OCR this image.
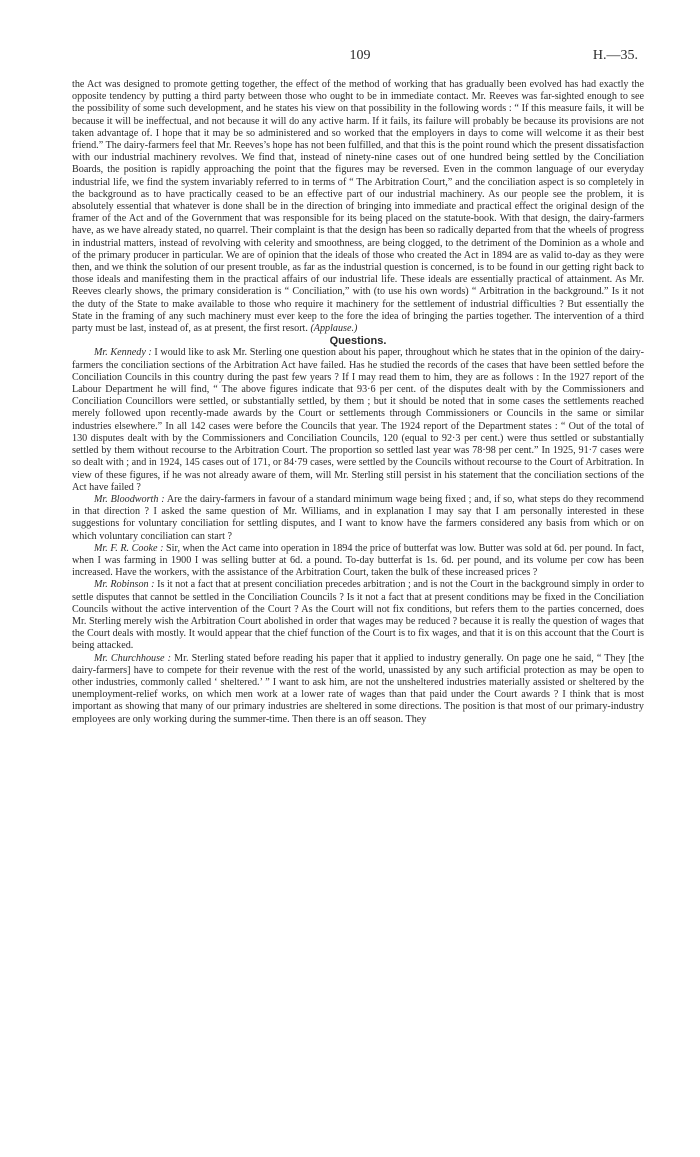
109	H.—35.

the Act was designed to promote getting together, the effect of the method of working that has gradually been evolved has had exactly the opposite tendency by putting a third party between those who ought to be in immediate contact. Mr. Reeves was far-sighted enough to see the possibility of some such development, and he states his view on that possibility in the following words : “ If this measure fails, it will be because it will be ineffectual, and not because it will do any active harm. If it fails, its failure will probably be because its provisions are not taken advantage of. I hope that it may be so administered and so worked that the employers in days to come will welcome it as their best friend.” The dairy-farmers feel that Mr. Reeves’s hope has not been fulfilled, and that this is the point round which the present dissatisfaction with our industrial machinery revolves. We find that, instead of ninety-nine cases out of one hundred being settled by the Conciliation Boards, the position is rapidly approaching the point that the figures may be reversed. Even in the common language of our everyday industrial life, we find the system invariably referred to in terms of “ The Arbitration Court,” and the conciliation aspect is so completely in the background as to have practically ceased to be an effective part of our industrial machinery. As our people see the problem, it is absolutely essential that whatever is done shall be in the direction of bringing into immediate and practical effect the original design of the framer of the Act and of the Government that was responsible for its being placed on the statute-book. With that design, the dairy-farmers have, as we have already stated, no quarrel. Their complaint is that the design has been so radically departed from that the wheels of progress in industrial matters, instead of revolving with celerity and smoothness, are being clogged, to the detriment of the Dominion as a whole and of the primary producer in particular. We are of opinion that the ideals of those who created the Act in 1894 are as valid to-day as they were then, and we think the solution of our present trouble, as far as the industrial question is concerned, is to be found in our getting right back to those ideals and manifesting them in the practical affairs of our industrial life. These ideals are essentially practical of attainment. As Mr. Reeves clearly shows, the primary consideration is “ Conciliation,” with (to use his own words) “ Arbitration in the background.” Is it not the duty of the State to make available to those who require it machinery for the settlement of industrial difficulties ? But essentially the State in the framing of any such machinery must ever keep to the fore the idea of bringing the parties together. The intervention of a third party must be last, instead of, as at present, the first resort. (Applause.)

Questions.

Mr. Kennedy : I would like to ask Mr. Sterling one question about his paper, throughout which he states that in the opinion of the dairy-farmers the conciliation sections of the Arbitration Act have failed. Has he studied the records of the cases that have been settled before the Conciliation Councils in this country during the past few years ? If I may read them to him, they are as follows : In the 1927 report of the Labour Department he will find, “ The above figures indicate that 93·6 per cent. of the disputes dealt with by the Commissioners and Conciliation Councillors were settled, or substantially settled, by them ; but it should be noted that in some cases the settlements reached merely followed upon recently-made awards by the Court or settlements through Commissioners or Councils in the same or similar industries elsewhere.” In all 142 cases were before the Councils that year. The 1924 report of the Department states : “ Out of the total of 130 disputes dealt with by the Commissioners and Conciliation Councils, 120 (equal to 92·3 per cent.) were thus settled or substantially settled by them without recourse to the Arbitration Court. The proportion so settled last year was 78·98 per cent.” In 1925, 91·7 cases were so dealt with ; and in 1924, 145 cases out of 171, or 84·79 cases, were settled by the Councils without recourse to the Court of Arbitration. In view of these figures, if he was not already aware of them, will Mr. Sterling still persist in his statement that the conciliation sections of the Act have failed ?

Mr. Bloodworth : Are the dairy-farmers in favour of a standard minimum wage being fixed ; and, if so, what steps do they recommend in that direction ? I asked the same question of Mr. Williams, and in explanation I may say that I am personally interested in these suggestions for voluntary conciliation for settling disputes, and I want to know have the farmers considered any basis from which or on which voluntary conciliation can start ?

Mr. F. R. Cooke : Sir, when the Act came into operation in 1894 the price of butterfat was low. Butter was sold at 6d. per pound. In fact, when I was farming in 1900 I was selling butter at 6d. a pound. To-day butterfat is 1s. 6d. per pound, and its volume per cow has been increased. Have the workers, with the assistance of the Arbitration Court, taken the bulk of these increased prices ?

Mr. Robinson : Is it not a fact that at present conciliation precedes arbitration ; and is not the Court in the background simply in order to settle disputes that cannot be settled in the Conciliation Councils ? Is it not a fact that at present conditions may be fixed in the Conciliation Councils without the active intervention of the Court ? As the Court will not fix conditions, but refers them to the parties concerned, does Mr. Sterling merely wish the Arbitration Court abolished in order that wages may be reduced ? because it is really the question of wages that the Court deals with mostly. It would appear that the chief function of the Court is to fix wages, and that it is on this account that the Court is being attacked.

Mr. Churchhouse : Mr. Sterling stated before reading his paper that it applied to industry generally. On page one he said, “ They [the dairy-farmers] have to compete for their revenue with the rest of the world, unassisted by any such artificial protection as may be open to other industries, commonly called ‘ sheltered.’ ” I want to ask him, are not the unsheltered industries materially assisted or sheltered by the unemployment-relief works, on which men work at a lower rate of wages than that paid under the Court awards ? I think that is most important as showing that many of our primary industries are sheltered in some directions. The position is that most of our primary-industry employees are only working during the summer-time. Then there is an off season. They
